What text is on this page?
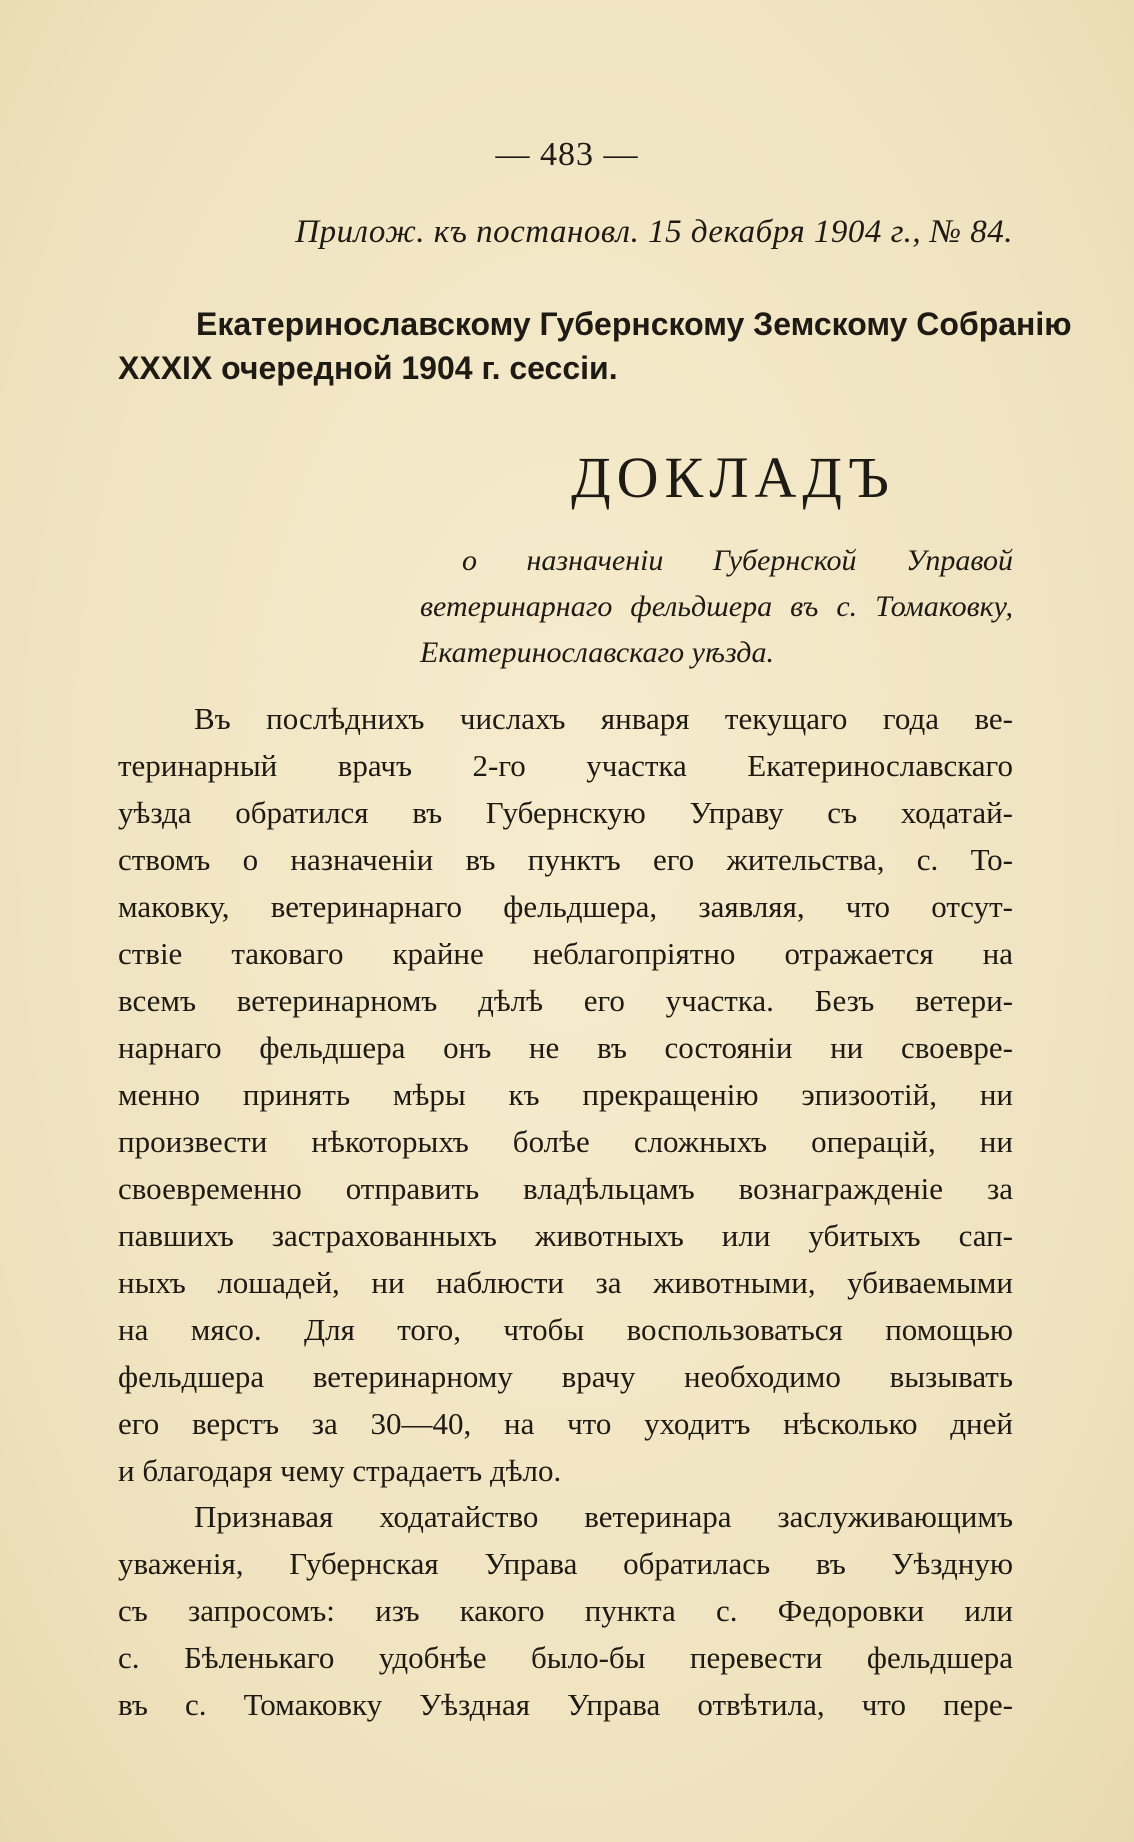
— 483 —
Прилож. къ постановл. 15 декабря 1904 г., № 84.
Екатеринославскому Губернскому Земскому Собранію
XXXIX очередной 1904 г. сессіи.
ДОКЛАДЪ
о назначеніи Губернской Управой
ветеринарнаго фельдшера въ с. Томаковку,
Екатеринославскаго уѣзда.
Въ послѣднихъ числахъ января текущаго года ве-
теринарный врачъ 2-го участка Екатеринославскаго
уѣзда обратился въ Губернскую Управу съ ходатай-
ствомъ о назначеніи въ пунктъ его жительства, с. То-
маковку, ветеринарнаго фельдшера, заявляя, что отсут-
ствіе таковаго крайне неблагопріятно отражается на
всемъ ветеринарномъ дѣлѣ его участка. Безъ ветери-
нарнаго фельдшера онъ не въ состояніи ни своевре-
менно принять мѣры къ прекращенію эпизоотій, ни
произвести нѣкоторыхъ болѣе сложныхъ операцій, ни
своевременно отправить владѣльцамъ вознагражденіе за
павшихъ застрахованныхъ животныхъ или убитыхъ сап-
ныхъ лошадей, ни наблюсти за животными, убиваемыми
на мясо. Для того, чтобы воспользоваться помощью
фельдшера ветеринарному врачу необходимо вызывать
его верстъ за 30—40, на что уходитъ нѣсколько дней
и благодаря чему страдаетъ дѣло.
Признавая ходатайство ветеринара заслуживающимъ
уваженія, Губернская Управа обратилась въ Уѣздную
съ запросомъ: изъ какого пункта с. Федоровки или
с. Бѣленькаго удобнѣе было-бы перевести фельдшера
въ с. Томаковку Уѣздная Управа отвѣтила, что пере-
